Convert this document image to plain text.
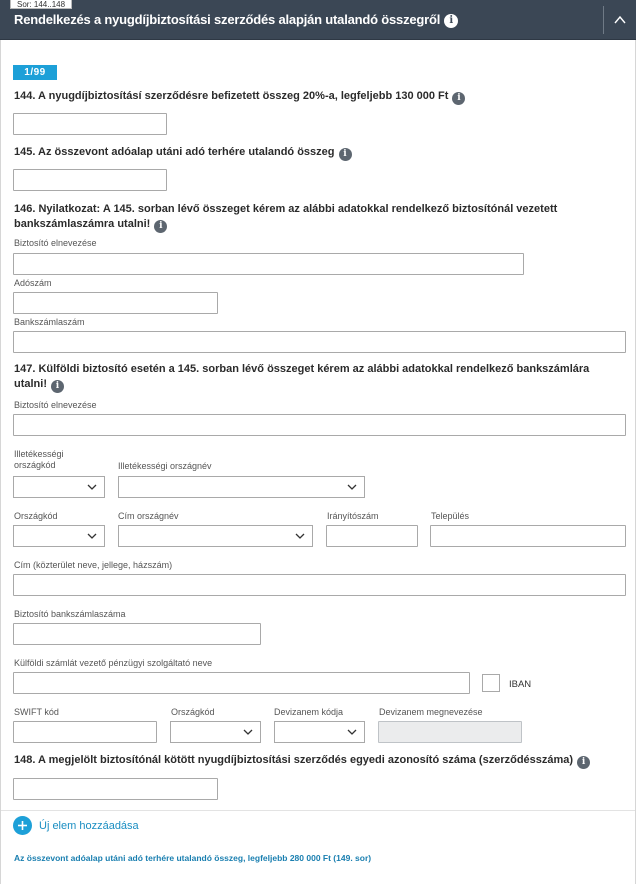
Rendelkezés a nyugdíjbiztosítási szerződés alapján utalandó összegről i
Sor: 144..148
1/99
144. A nyugdíjbiztosításí szerződésre befizetett összeg 20%-a, legfeljebb 130 000 Ft i
145. Az összevont adóalap utáni adó terhére utalandó összeg i
146. Nyilatkozat: A 145. sorban lévő összeget kérem az alábbi adatokkal rendelkező biztosítónál vezetett
bankszámlaszámra utalni! i
Biztosító elnevezése
Adószám
Bankszámlaszám
147. Külföldi biztosító esetén a 145. sorban lévő összeget kérem az alábbi adatokkal rendelkező bankszámlára
utalni! i
Biztosító elnevezése
Illetékességi
országkód	Illetékességi országnév
Országkód	Cím országnév	Irányítószám	Település
Cím (közterület neve, jellege, házszám)
Biztosító bankszámlaszáma
Külföldi számlát vezető pénzügyi szolgáltató neve
IBAN
SWIFT kód	Országkód	Devizanem kódja	Devizanem megnevezése
148. A megjelölt biztosítónál kötött nyugdíjbiztosítási szerződés egyedi azonosító száma (szerződésszáma) i
Új elem hozzáadása
Az összevont adóalap utáni adó terhére utalandó összeg, legfeljebb 280 000 Ft (149. sor)
